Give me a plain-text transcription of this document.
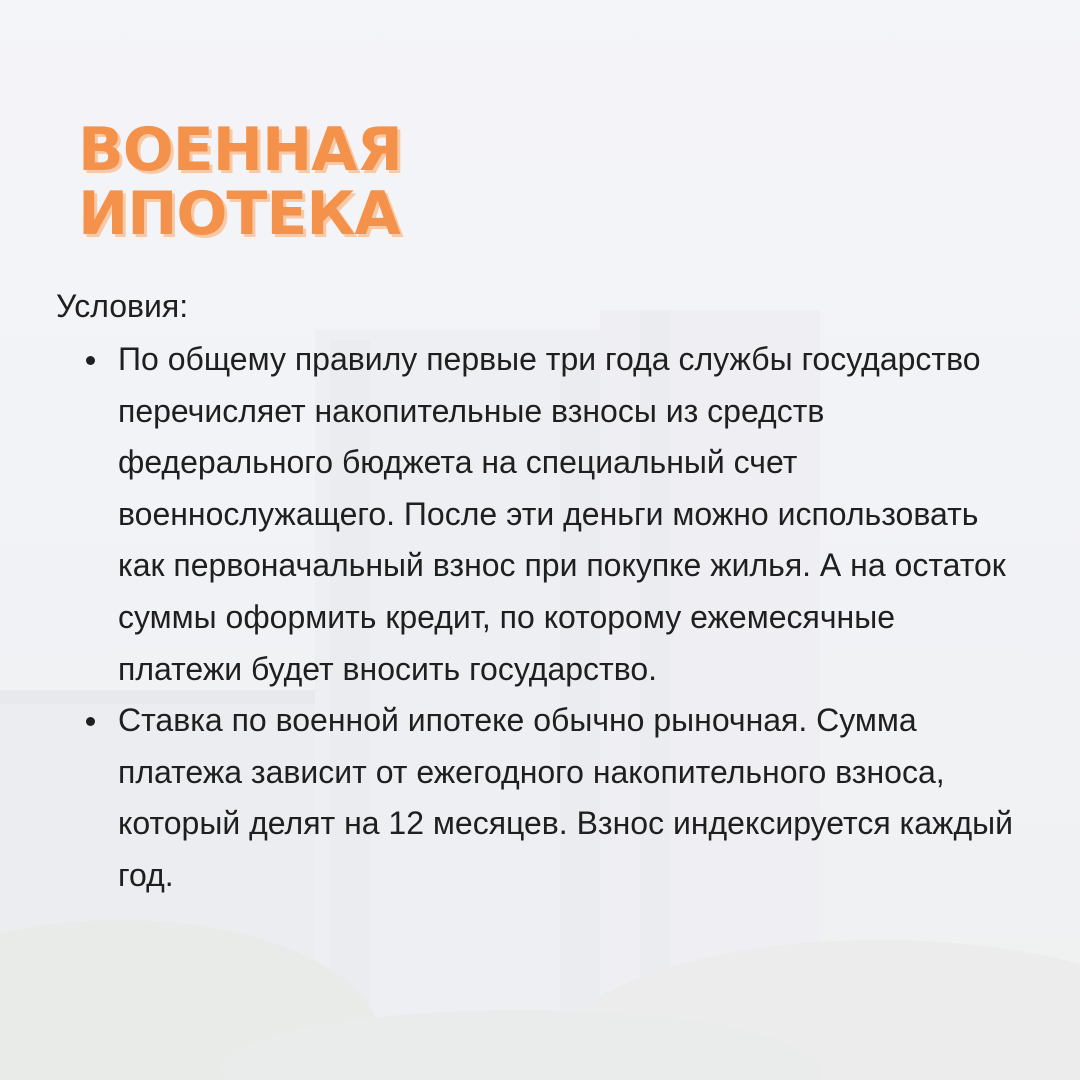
ВОЕННАЯ
ИПОТЕКА
Условия:
По общему правилу первые три года службы государство перечисляет накопительные взносы из средств федерального бюджета на специальный счет военнослужащего. После эти деньги можно использовать как первоначальный взнос при покупке жилья. А на остаток суммы оформить кредит, по которому ежемесячные платежи будет вносить государство.
Ставка по военной ипотеке обычно рыночная. Сумма платежа зависит от ежегодного накопительного взноса, который делят на 12 месяцев. Взнос индексируется каждый год.
